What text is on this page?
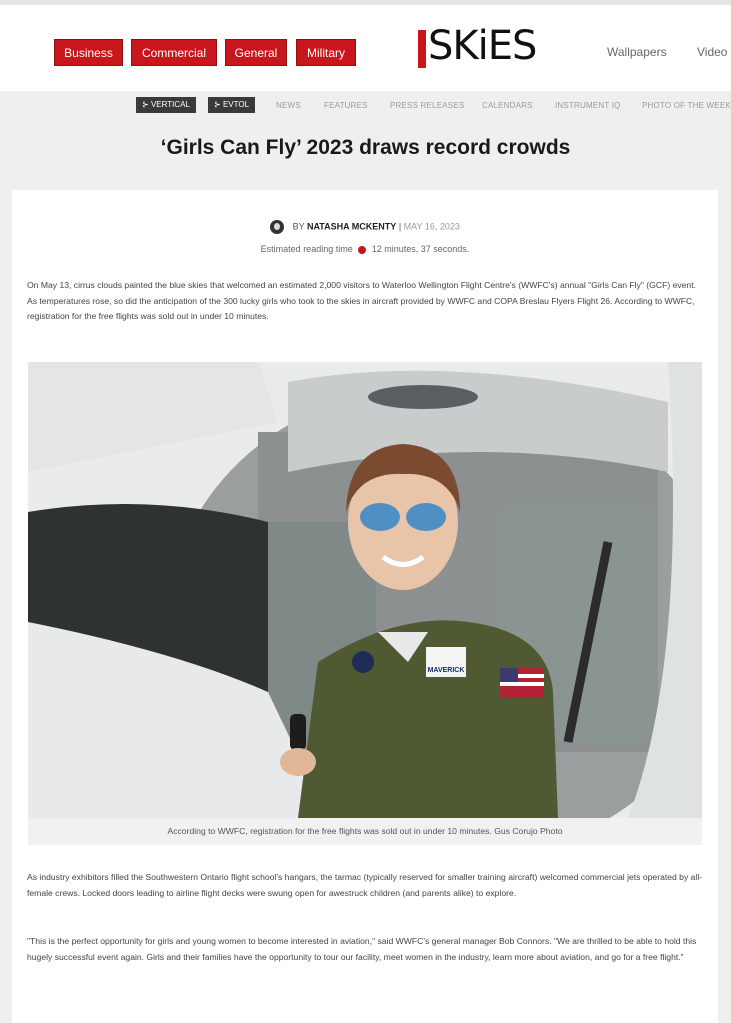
Business	Commercial	General	Military SKiES	Wallpapers	Video
⊱ VERTICAL	⊱ EVTOL	NEWS	FEATURES	PRESS RELEASES CALENDARS	INSTRUMENT IQ	PHOTO OF THE WEEK
‘Girls Can Fly’ 2023 draws record crowds
BY NATASHA MCKENTY | MAY 16, 2023
Estimated reading time 12 minutes, 37 seconds.

On May 13, cirrus clouds painted the blue skies that welcomed an estimated 2,000 visitors to Waterloo Wellington Flight Centre's (WWFC's) annual "Girls Can Fly" (GCF) event. As temperatures rose, so did the anticipation of the 300 lucky girls who took to the skies in aircraft provided by WWFC and COPA Breslau Flyers Flight 26. According to WWFC, registration for the free flights was sold out in under 10 minutes.

MAVERICK
According to WWFC, registration for the free flights was sold out in under 10 minutes. Gus Corujo Photo

As industry exhibitors filled the Southwestern Ontario flight school's hangars, the tarmac (typically reserved for smaller training aircraft) welcomed commercial jets operated by all-female crews. Locked doors leading to airline flight decks were swung open for awestruck children (and parents alike) to explore.

"This is the perfect opportunity for girls and young women to become interested in aviation," said WWFC's general manager Bob Connors. "We are thrilled to be able to hold this hugely successful event again. Girls and their families have the opportunity to tour our facility, meet women in the industry, learn more about aviation, and go for a free flight."
